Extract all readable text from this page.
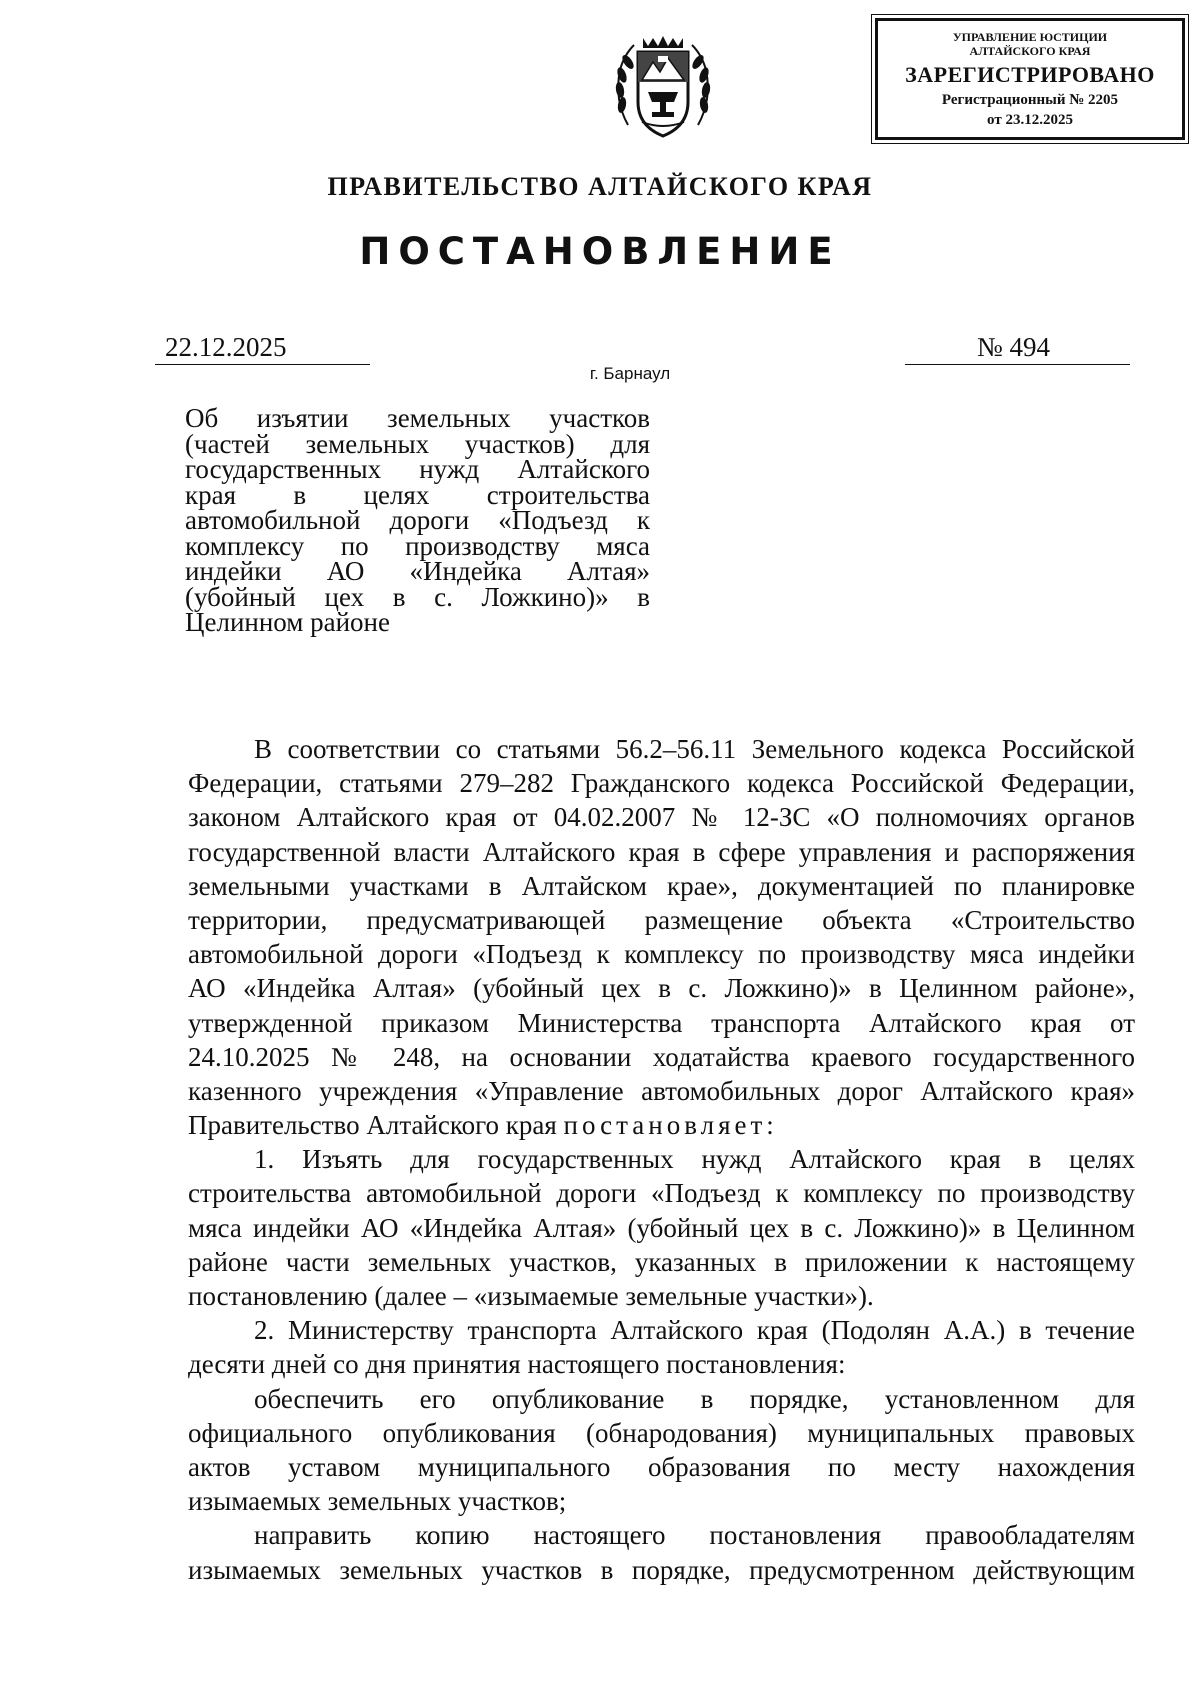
УПРАВЛЕНИЕ ЮСТИЦИИ
АЛТАЙСКОГО КРАЯ
ЗАРЕГИСТРИРОВАНО
Регистрационный № 2205
от 23.12.2025
ПРАВИТЕЛЬСТВО АЛТАЙСКОГО КРАЯ
ПОСТАНОВЛЕНИЕ
22.12.2025	№ 494
г. Барнаул
Об изъятии земельных участков
(частей земельных участков) для
государственных нужд Алтайского
края в целях строительства
автомобильной дороги «Подъезд к
комплексу по производству мяса
индейки АО «Индейка Алтая»
(убойный цех в с. Ложкино)» в
Целинном районе
В соответствии со статьями 56.2–56.11 Земельного кодекса Российской
Федерации, статьями 279–282 Гражданского кодекса Российской Федерации,
законом Алтайского края от 04.02.2007 № 12-ЗС «О полномочиях органов
государственной власти Алтайского края в сфере управления и распоряжения
земельными участками в Алтайском крае», документацией по планировке
территории, предусматривающей размещение объекта «Строительство
автомобильной дороги «Подъезд к комплексу по производству мяса индейки
АО «Индейка Алтая» (убойный цех в с. Ложкино)» в Целинном районе»,
утвержденной приказом Министерства транспорта Алтайского края от
24.10.2025 № 248, на основании ходатайства краевого государственного
казенного учреждения «Управление автомобильных дорог Алтайского края»
Правительство Алтайского края постановляет:
1. Изъять для государственных нужд Алтайского края в целях
строительства автомобильной дороги «Подъезд к комплексу по производству
мяса индейки АО «Индейка Алтая» (убойный цех в с. Ложкино)» в Целинном
районе части земельных участков, указанных в приложении к настоящему
постановлению (далее – «изымаемые земельные участки»).
2. Министерству транспорта Алтайского края (Подолян А.А.) в течение
десяти дней со дня принятия настоящего постановления:
обеспечить его опубликование в порядке, установленном для
официального опубликования (обнародования) муниципальных правовых
актов уставом муниципального образования по месту нахождения
изымаемых земельных участков;
направить копию настоящего постановления правообладателям
изымаемых земельных участков в порядке, предусмотренном действующим
